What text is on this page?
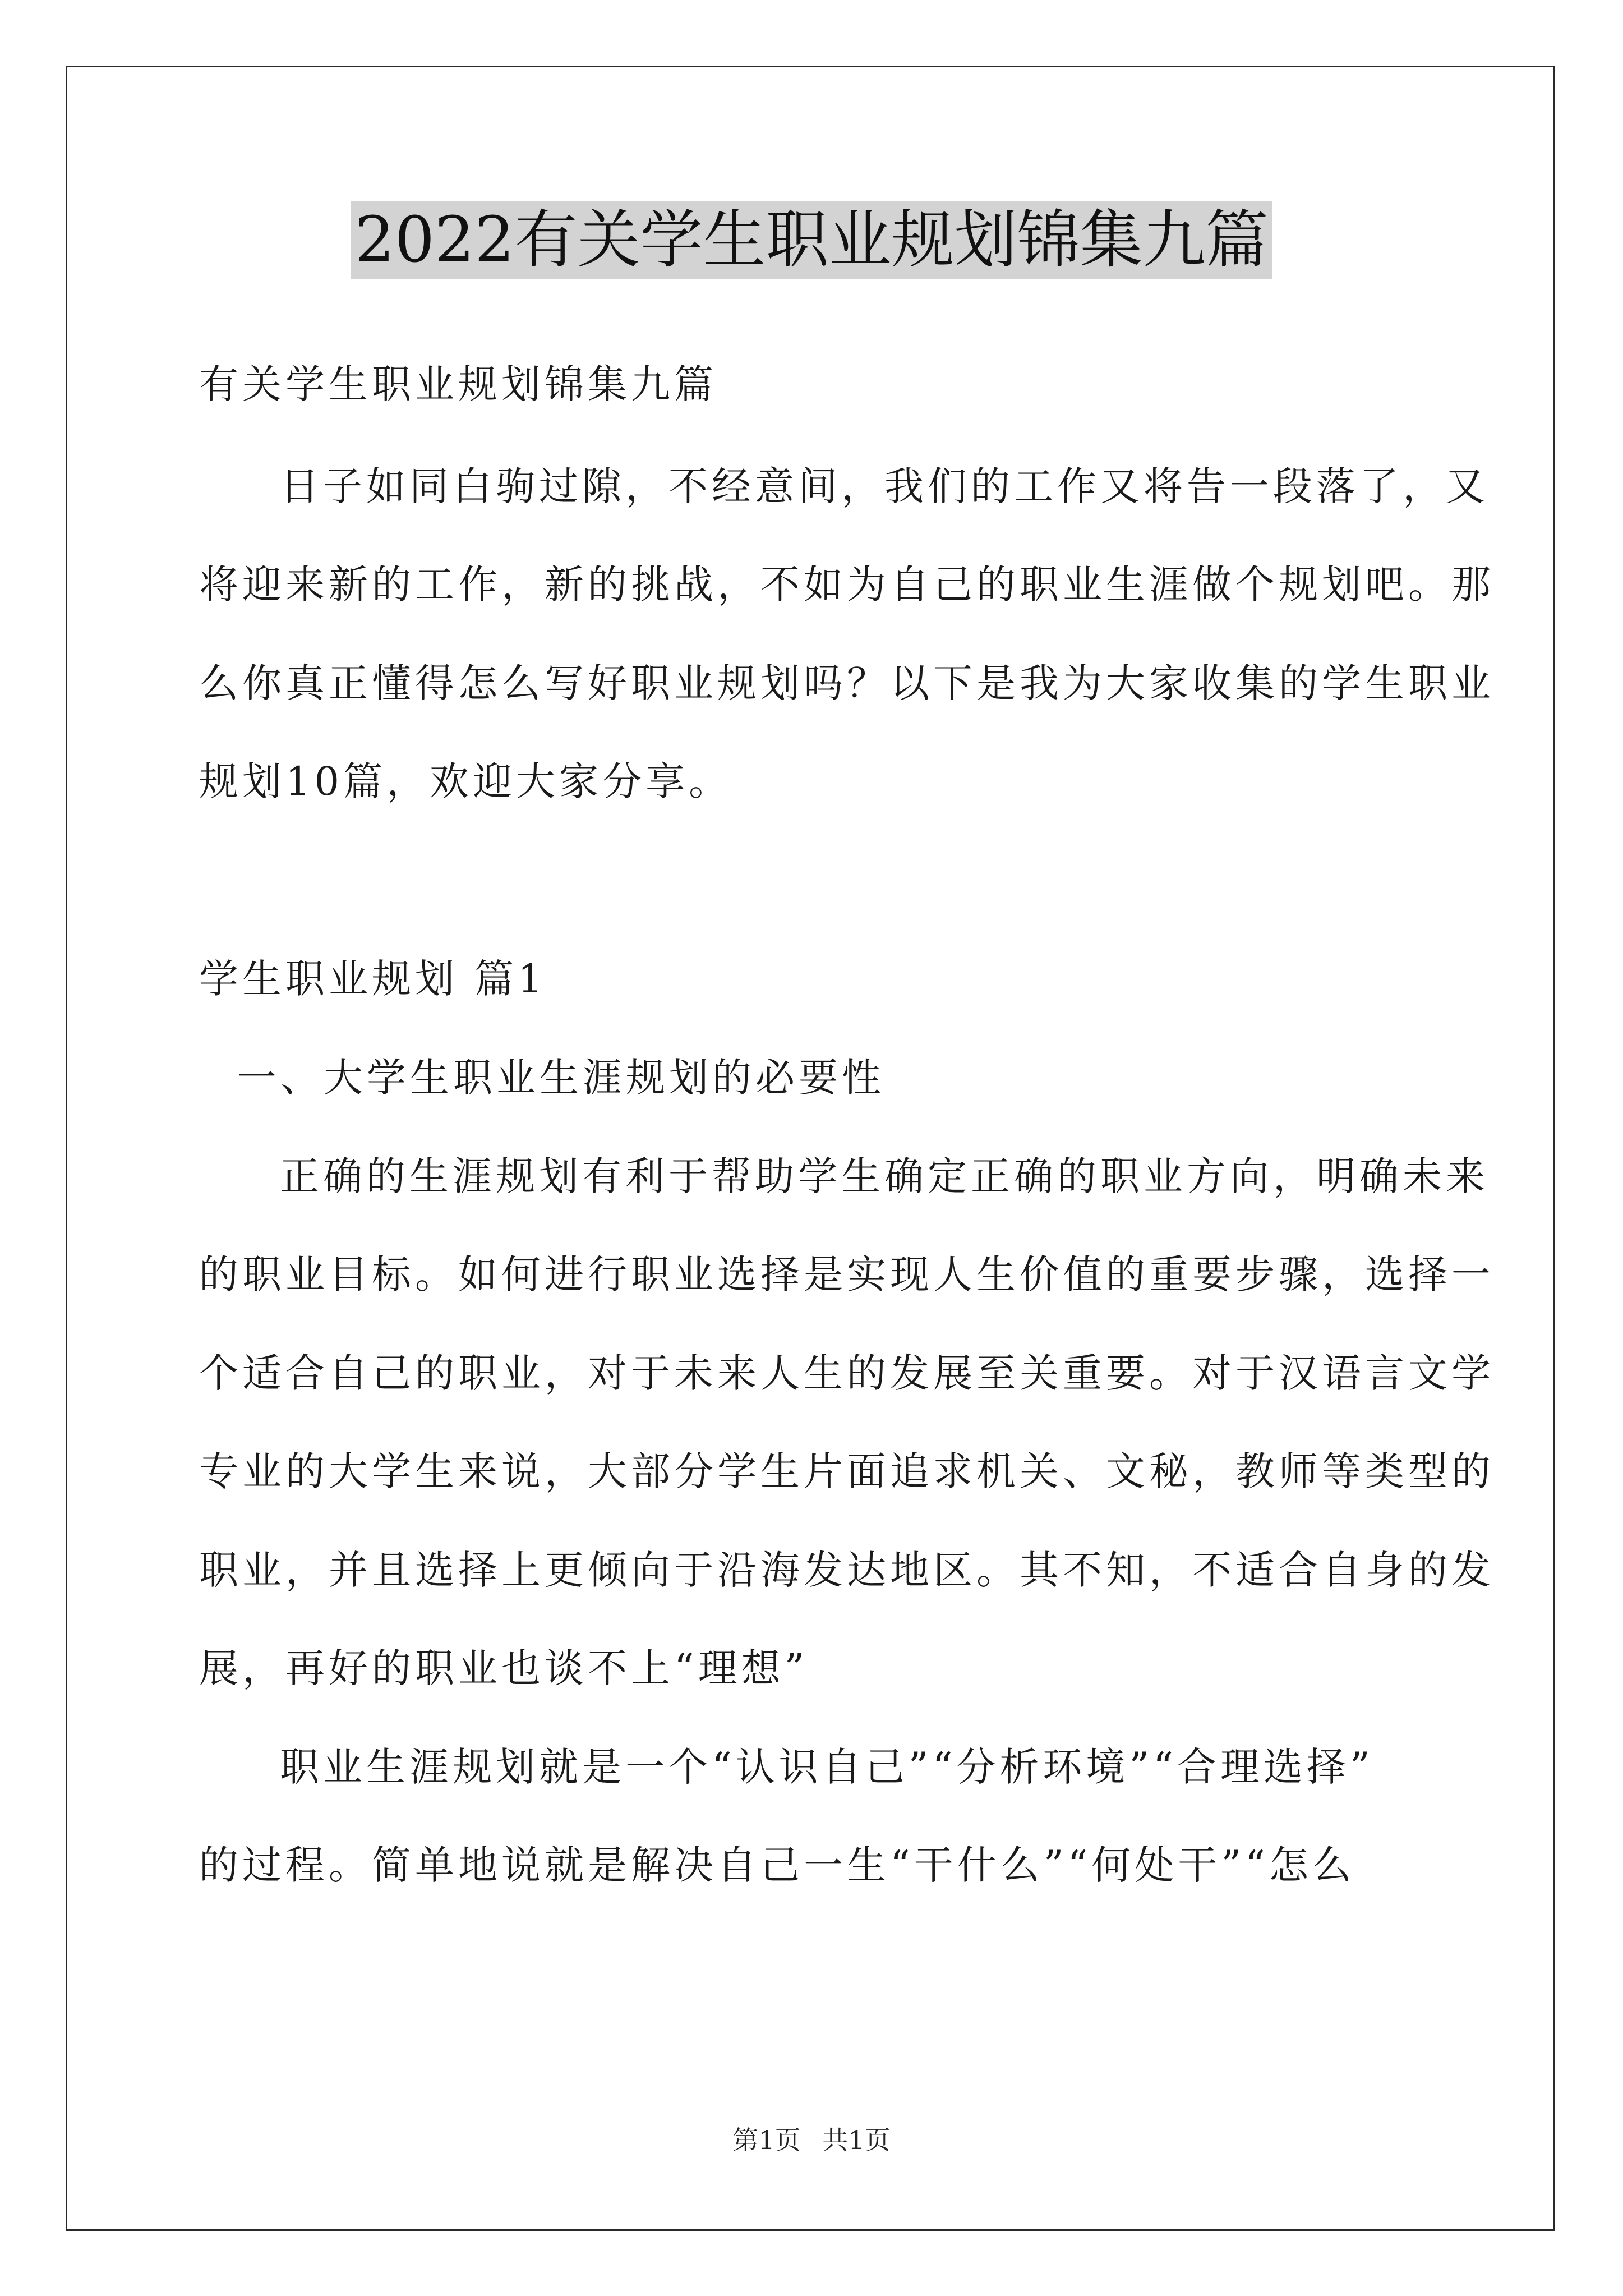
2022有关学生职业规划锦集九篇
有关学生职业规划锦集九篇
日子如同白驹过隙，不经意间，我们的工作又将告一段落了，又
将迎来新的工作，新的挑战，不如为自己的职业生涯做个规划吧。那
么你真正懂得怎么写好职业规划吗？以下是我为大家收集的学生职业
规划10篇，欢迎大家分享。
学生职业规划 篇1
一、大学生职业生涯规划的必要性
正确的生涯规划有利于帮助学生确定正确的职业方向，明确未来
的职业目标。如何进行职业选择是实现人生价值的重要步骤，选择一
个适合自己的职业，对于未来人生的发展至关重要。对于汉语言文学
专业的大学生来说，大部分学生片面追求机关、文秘，教师等类型的
职业，并且选择上更倾向于沿海发达地区。其不知，不适合自身的发
展，再好的职业也谈不上“理想”
职业生涯规划就是一个“认识自己”“分析环境”“合理选择”
的过程。简单地说就是解决自己一生“干什么”“何处干”“怎么
第1页 共1页
